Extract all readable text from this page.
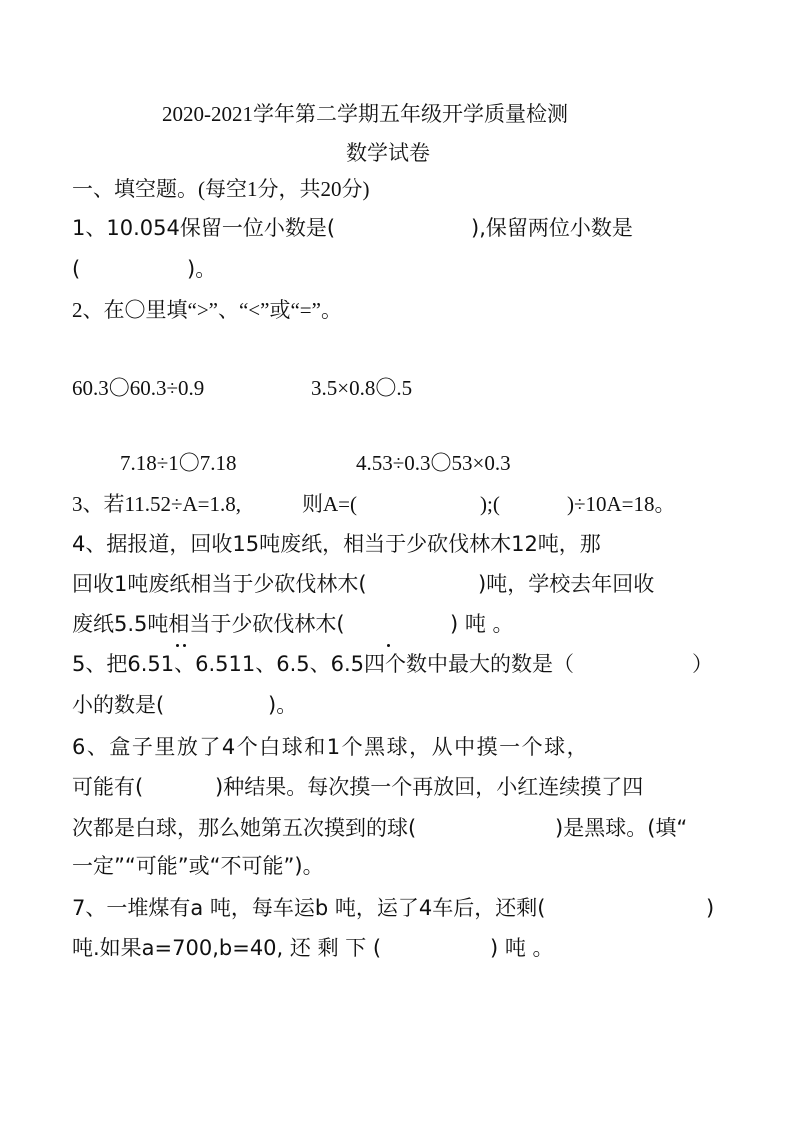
2020-2021学年第二学期五年级开学质量检测
数学试卷
一、填空题。(每空1分，共20分)
1、10.054保留一位小数是(	),保留两位小数是
(	)。
2、在〇里填“>”、“<”或“=”。
60.3〇60.3÷0.9	3.5×0.8〇.5
7.18÷1〇7.18	4.53÷0.3〇53×0.3
3、若11.52÷A=1.8,	则A=(	);(	)÷10A=18。
4、据报道，回收15吨废纸，相当于少砍伐林木12吨，那
回收1吨废纸相当于少砍伐林木(	)吨，学校去年回收
废纸5.5吨相当于少砍伐林木(	) 吨 。
5、把6.51、6.511、6.5、6.5四个数中最大的数是（	）
小的数是(	)。
6、盒子里放了4个白球和1个黑球，从中摸一个球，
可能有(	)种结果。每次摸一个再放回，小红连续摸了四
次都是白球，那么她第五次摸到的球(	)是黑球。(填“
一定”“可能”或“不可能”)。
7、一堆煤有a 吨，每车运b 吨，运了4车后，还剩(	)
吨.如果a=700,b=40, 还 剩 下 (	) 吨 。
